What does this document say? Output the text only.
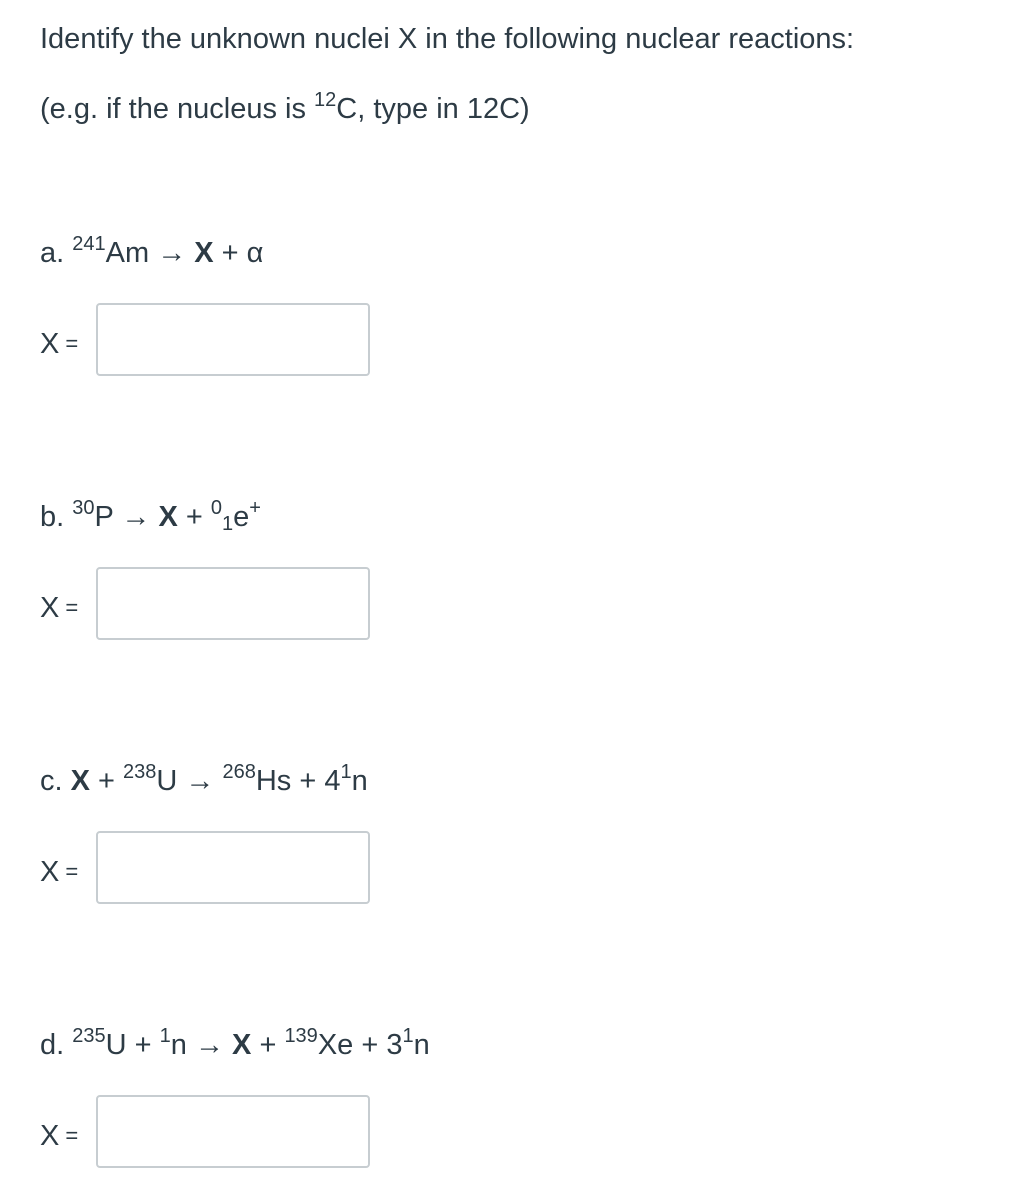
Identify the unknown nuclei X in the following nuclear reactions:
(e.g. if the nucleus is $^{12}$C, type in 12C)
a. $^{241}$Am → X + α
X =
b. $^{30}$P → X + $^0$1e+
X =
c. $X + ^{238}U \to ^{268}Hs + 4^1n$
X =
d. $^{235}U + ^1n \to X + ^{139}Xe + 3^1n$
X =
